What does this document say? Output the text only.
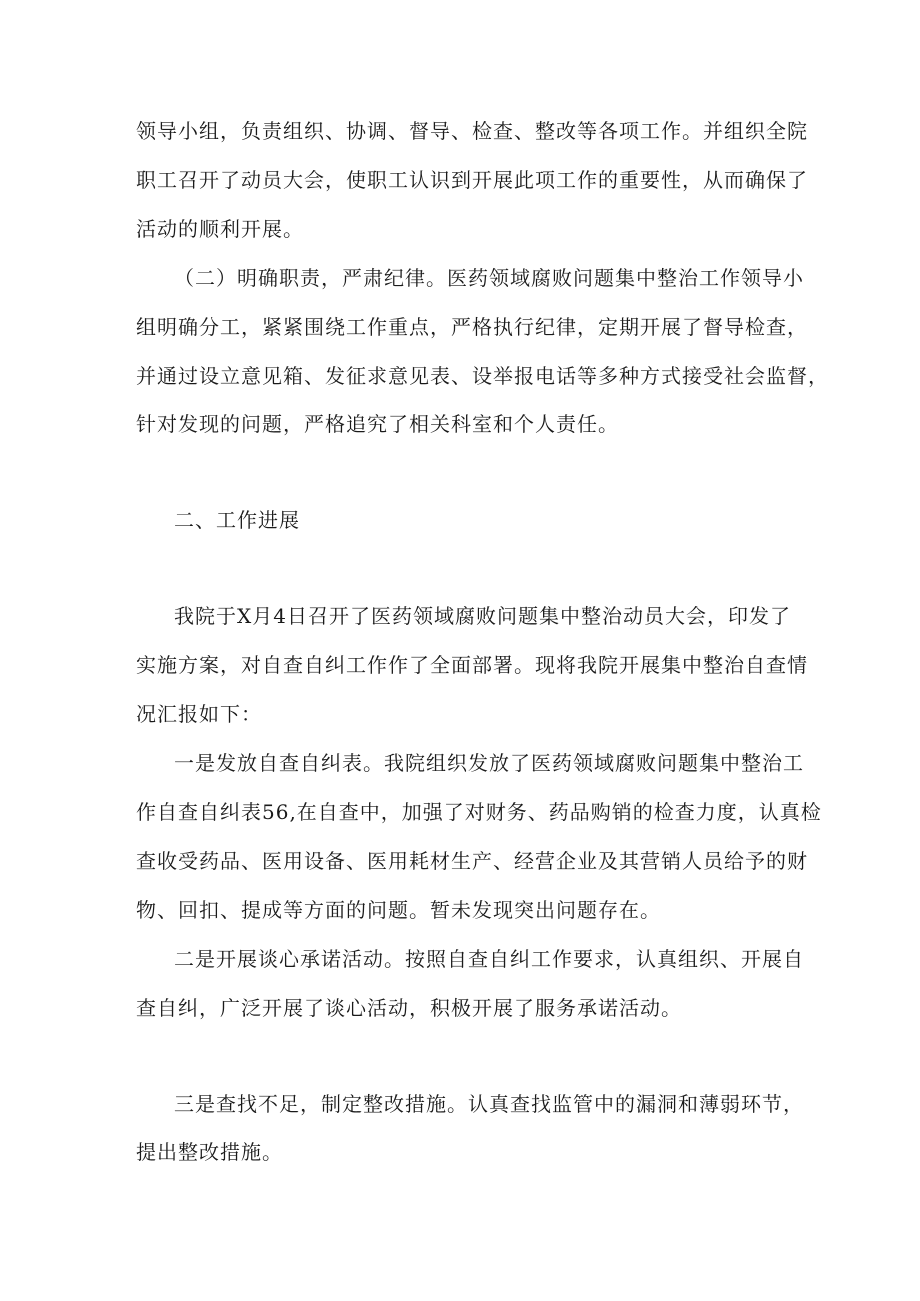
领导小组，负责组织、协调、督导、检查、整改等各项工作。并组织全院
职工召开了动员大会，使职工认识到开展此项工作的重要性，从而确保了
活动的顺利开展。
（二）明确职责，严肃纪律。医药领域腐败问题集中整治工作领导小
组明确分工，紧紧围绕工作重点，严格执行纪律，定期开展了督导检查，
并通过设立意见箱、发征求意见表、设举报电话等多种方式接受社会监督，
针对发现的问题，严格追究了相关科室和个人责任。
二、工作进展
我院于X月4日召开了医药领域腐败问题集中整治动员大会，印发了
实施方案，对自查自纠工作作了全面部署。现将我院开展集中整治自查情
况汇报如下：
一是发放自查自纠表。我院组织发放了医药领域腐败问题集中整治工
作自查自纠表56,在自查中，加强了对财务、药品购销的检查力度，认真检
查收受药品、医用设备、医用耗材生产、经营企业及其营销人员给予的财
物、回扣、提成等方面的问题。暂未发现突出问题存在。
二是开展谈心承诺活动。按照自查自纠工作要求，认真组织、开展自
查自纠，广泛开展了谈心活动，积极开展了服务承诺活动。
三是查找不足，制定整改措施。认真查找监管中的漏洞和薄弱环节，
提出整改措施。
